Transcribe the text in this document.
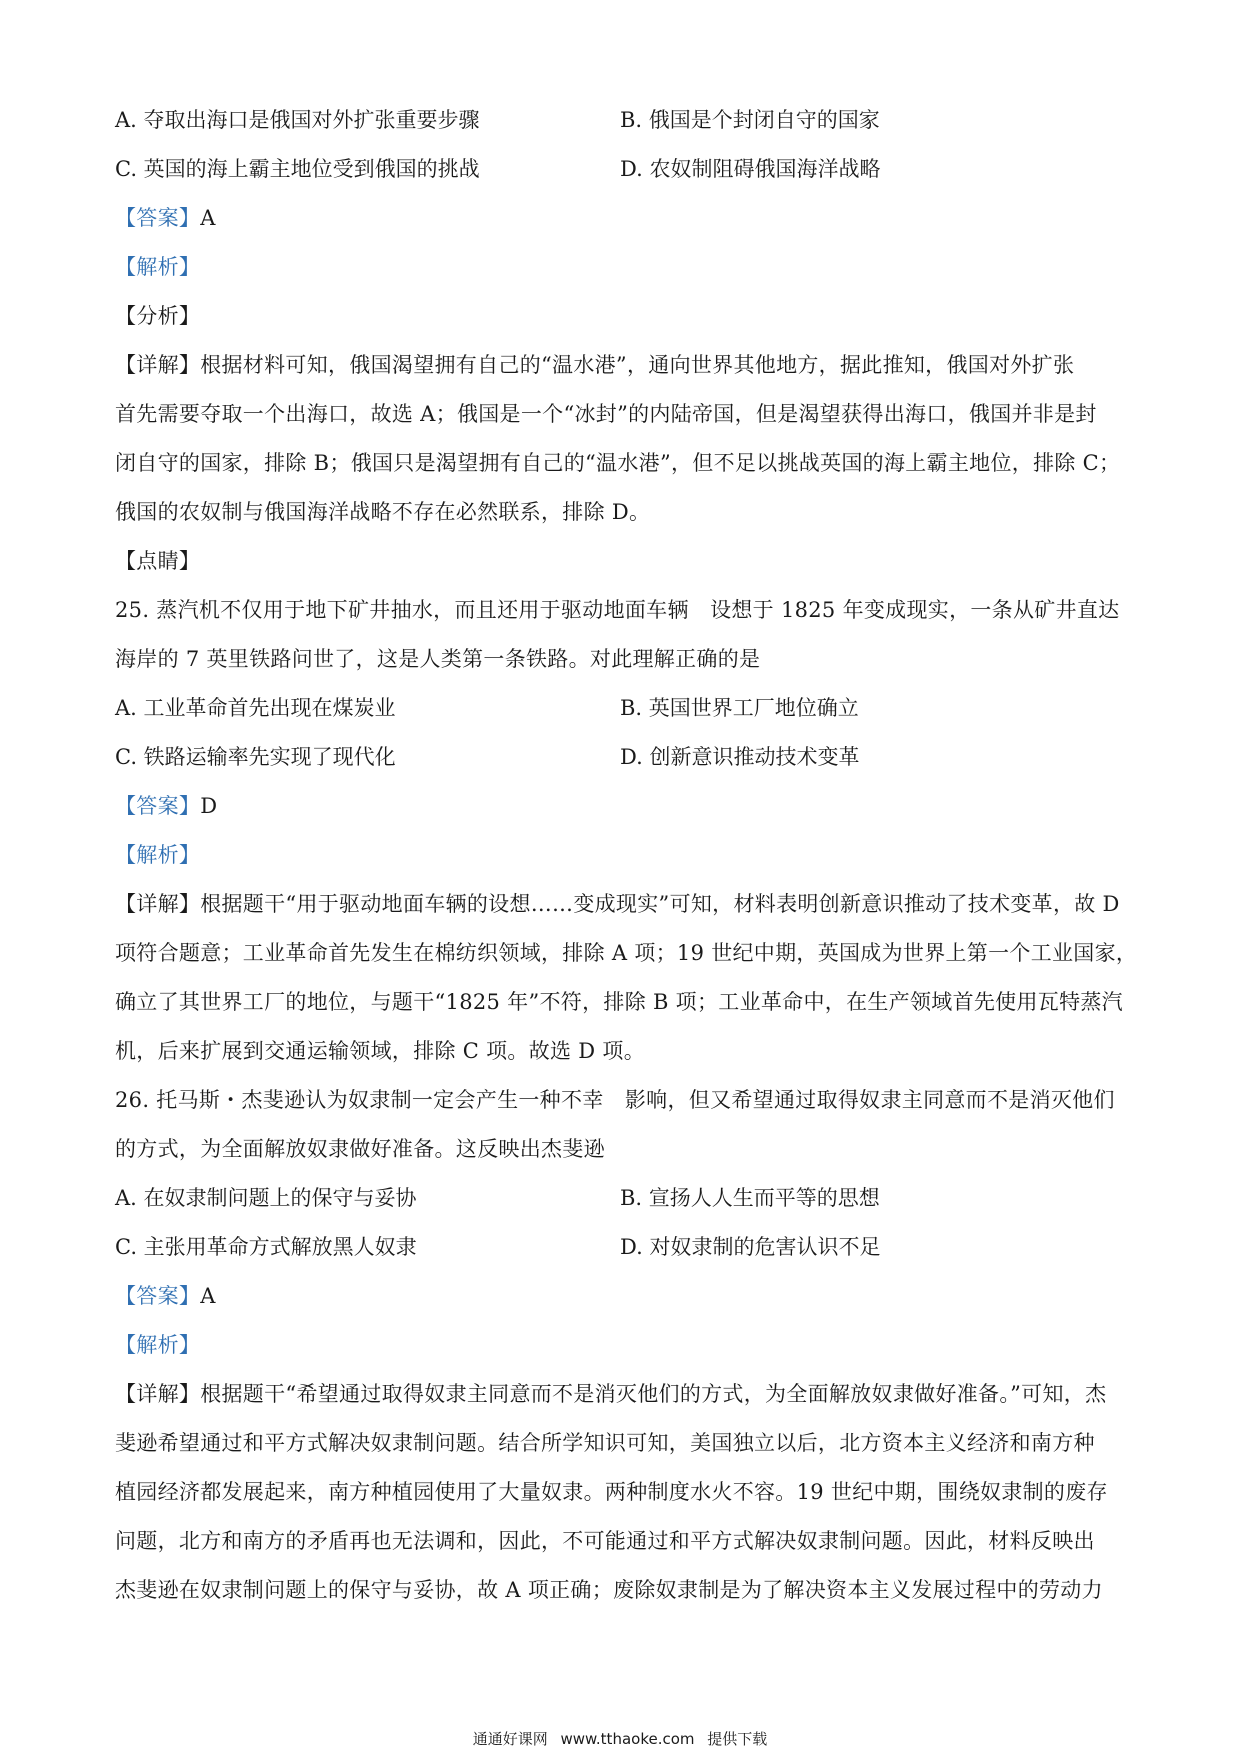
A. 夺取出海口是俄国对外扩张重要步骤	B. 俄国是个封闭自守的国家
C. 英国的海上霸主地位受到俄国的挑战	D. 农奴制阻碍俄国海洋战略
【答案】A
【解析】
【分析】
【详解】根据材料可知，俄国渴望拥有自己的“温水港”，通向世界其他地方，据此推知，俄国对外扩张
首先需要夺取一个出海口，故选 A；俄国是一个“冰封”的内陆帝国，但是渴望获得出海口，俄国并非是封
闭自守的国家，排除 B；俄国只是渴望拥有自己的“温水港”，但不足以挑战英国的海上霸主地位，排除 C；
俄国的农奴制与俄国海洋战略不存在必然联系，排除 D。
【点睛】
25. 蒸汽机不仅用于地下矿井抽水，而且还用于驱动地面车辆　设想于 1825 年变成现实，一条从矿井直达
海岸的 7 英里铁路问世了，这是人类第一条铁路。对此理解正确的是
A. 工业革命首先出现在煤炭业	B. 英国世界工厂地位确立
C. 铁路运输率先实现了现代化	D. 创新意识推动技术变革
【答案】D
【解析】
【详解】根据题干“用于驱动地面车辆的设想……变成现实”可知，材料表明创新意识推动了技术变革，故 D
项符合题意；工业革命首先发生在棉纺织领域，排除 A 项；19 世纪中期，英国成为世界上第一个工业国家，
确立了其世界工厂的地位，与题干“1825 年”不符，排除 B 项；工业革命中，在生产领域首先使用瓦特蒸汽
机，后来扩展到交通运输领域，排除 C 项。故选 D 项。
26. 托马斯・杰斐逊认为奴隶制一定会产生一种不幸　影响，但又希望通过取得奴隶主同意而不是消灭他们
的方式，为全面解放奴隶做好准备。这反映出杰斐逊
A. 在奴隶制问题上的保守与妥协	B. 宣扬人人生而平等的思想
C. 主张用革命方式解放黑人奴隶	D. 对奴隶制的危害认识不足
【答案】A
【解析】
【详解】根据题干“希望通过取得奴隶主同意而不是消灭他们的方式，为全面解放奴隶做好准备。”可知，杰
斐逊希望通过和平方式解决奴隶制问题。结合所学知识可知，美国独立以后，北方资本主义经济和南方种
植园经济都发展起来，南方种植园使用了大量奴隶。两种制度水火不容。19 世纪中期，围绕奴隶制的废存
问题，北方和南方的矛盾再也无法调和，因此，不可能通过和平方式解决奴隶制问题。因此，材料反映出
杰斐逊在奴隶制问题上的保守与妥协，故 A 项正确；废除奴隶制是为了解决资本主义发展过程中的劳动力
通通好课网 www.tthaoke.com 提供下载
